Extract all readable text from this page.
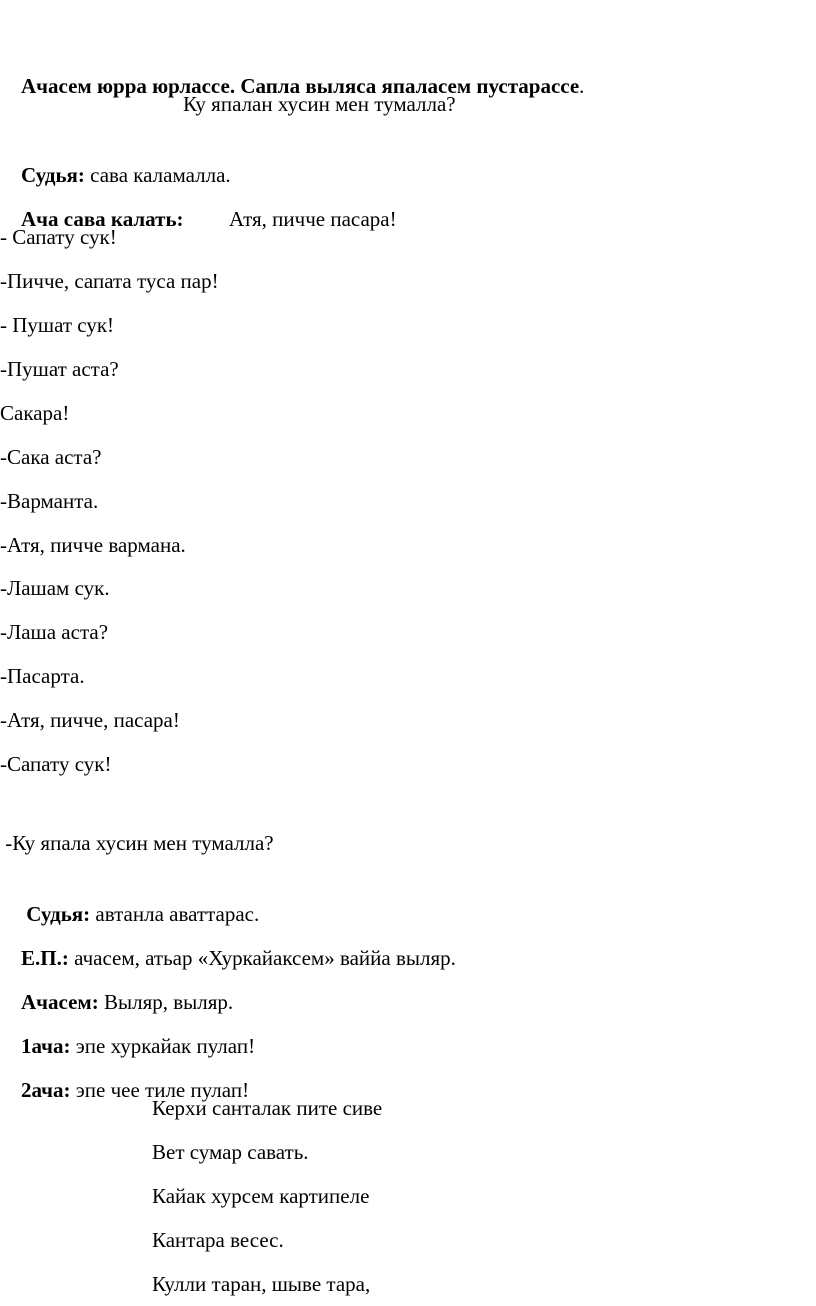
Ачасем юрра юрлассе. Сапла выляса япаласем пустарассе.

Ку япалан хусин мен тумалла?

Судья: сава каламалла.

Ача сава калать: Атя, пичче пасара!

- Сапату сук!
-Пичче, сапата туса пар!
- Пушат сук!
-Пушат аста?
Сакара!
-Сака аста?
-Варманта.
-Атя, пичче вармана.
-Лашам сук.
-Лаша аста?
-Пасарта.
-Атя, пичче, пасара!
-Сапату сук!
-Ку япала хусин мен тумалла?

Судья: автанла аваттарас.

Е.П.: ачасем, атьар «Хуркайаксем» ваййа выляр.

Ачасем: Выляр, выляр.

1ача: эпе хуркайак пулап!

2ача: эпе чее тиле пулап!

Керхи санталак пите сиве
Вет сумар савать.
Кайак хурсем картипеле
Кантара весес.
Кулли таран, шыве тара,
